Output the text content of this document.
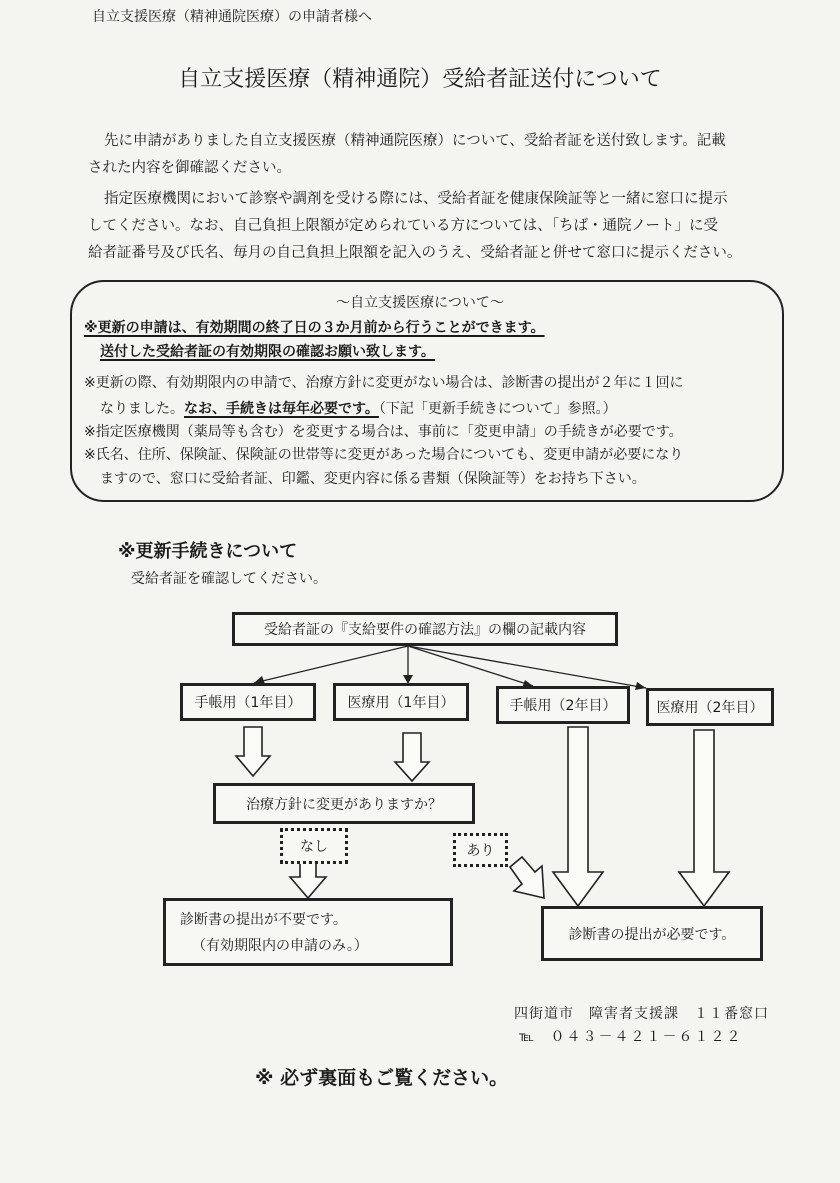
自立支援医療（精神通院医療）の申請者様へ
自立支援医療（精神通院）受給者証送付について
先に申請がありました自立支援医療（精神通院医療）について、受給者証を送付致します。記載
された内容を御確認ください。
指定医療機関において診察や調剤を受ける際には、受給者証を健康保険証等と一緒に窓口に提示
してください。なお、自己負担上限額が定められている方については、「ちば・通院ノート」に受
給者証番号及び氏名、毎月の自己負担上限額を記入のうえ、受給者証と併せて窓口に提示ください。
～自立支援医療について～
※更新の申請は、有効期間の終了日の３か月前から行うことができます。
送付した受給者証の有効期限の確認お願い致します。
※更新の際、有効期限内の申請で、治療方針に変更がない場合は、診断書の提出が２年に１回に
なりました。なお、手続きは毎年必要です。（下記「更新手続きについて」参照。）
※指定医療機関（薬局等も含む）を変更する場合は、事前に「変更申請」の手続きが必要です。
※氏名、住所、保険証、保険証の世帯等に変更があった場合についても、変更申請が必要になり
ますので、窓口に受給者証、印鑑、変更内容に係る書類（保険証等）をお持ち下さい。
※更新手続きについて
受給者証を確認してください。
受給者証の『支給要件の確認方法』の欄の記載内容
手帳用（1年目）	医療用（1年目）	手帳用（2年目）	医療用（2年目）
治療方針に変更がありますか？
なし	あり
診断書の提出が不要です。
（有効期限内の申請のみ。）
診断書の提出が必要です。
四街道市　障害者支援課　１１番窓口
℡ ０４３－４２１－６１２２
※ 必ず裏面もご覧ください。
